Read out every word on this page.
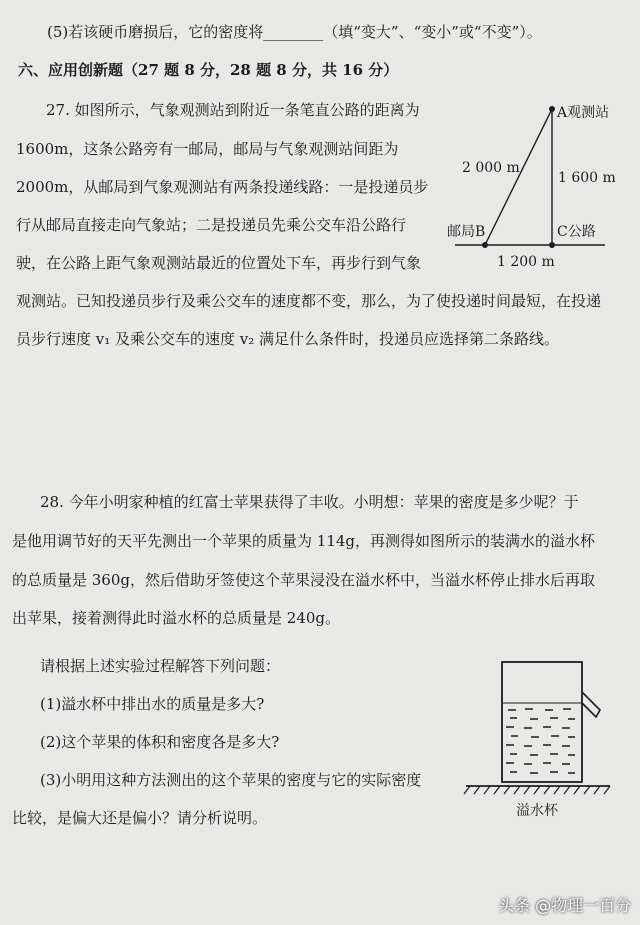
(5)若该硬币磨损后，它的密度将________（填“变大”、“变小”或“不变”）。
六、应用创新题（27 题 8 分，28 题 8 分，共 16 分）
27. 如图所示，气象观测站到附近一条笔直公路的距离为
1600m，这条公路旁有一邮局，邮局与气象观测站间距为
2000m，从邮局到气象观测站有两条投递线路：一是投递员步
行从邮局直接走向气象站；二是投递员先乘公交车沿公路行
驶，在公路上距气象观测站最近的位置处下车，再步行到气象
观测站。已知投递员步行及乘公交车的速度都不变，那么，为了使投递时间最短，在投递
员步行速度 v₁ 及乘公交车的速度 v₂ 满足什么条件时，投递员应选择第二条路线。
A观测站
邮局B	C公路
2 000 m
1 600 m
1 200 m
溢水杯
28. 今年小明家种植的红富士苹果获得了丰收。小明想：苹果的密度是多少呢？于
是他用调节好的天平先测出一个苹果的质量为 114g，再测得如图所示的装满水的溢水杯
的总质量是 360g，然后借助牙签使这个苹果浸没在溢水杯中，当溢水杯停止排水后再取
出苹果，接着测得此时溢水杯的总质量是 240g。
请根据上述实验过程解答下列问题：
(1)溢水杯中排出水的质量是多大?
(2)这个苹果的体积和密度各是多大?
(3)小明用这种方法测出的这个苹果的密度与它的实际密度
比较，是偏大还是偏小？请分析说明。
头条 @物理一百分
